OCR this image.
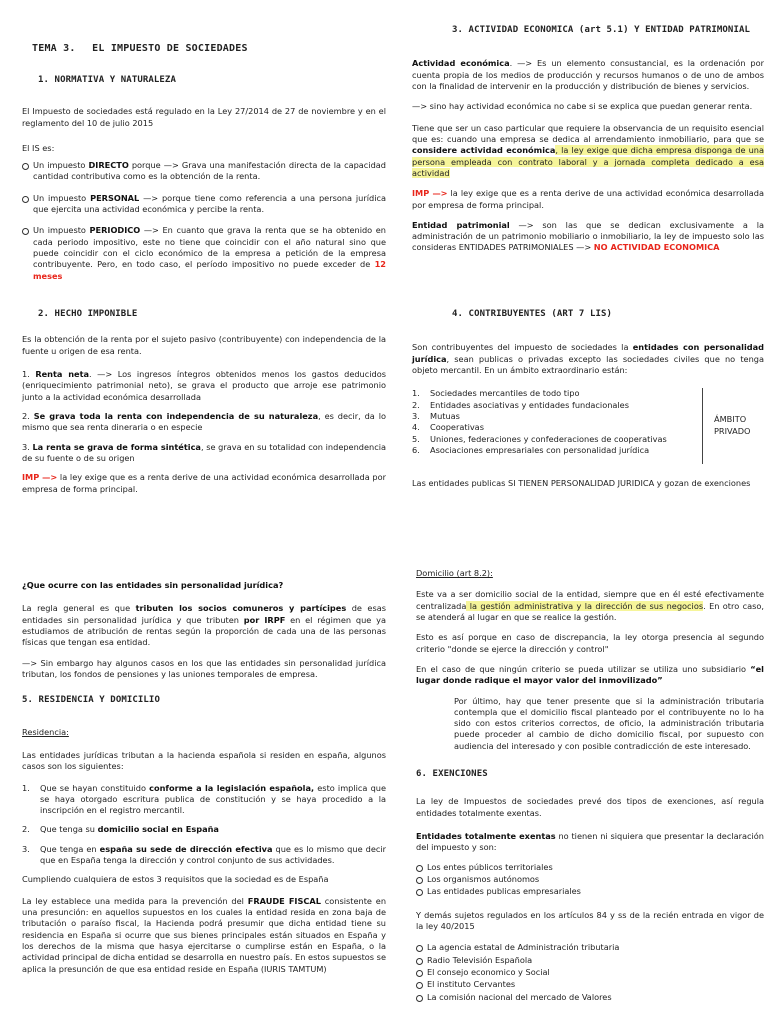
TEMA 3. EL IMPUESTO DE SOCIEDADES
1. NORMATIVA Y NATURALEZA

El Impuesto de sociedades está regulado en la Ley 27/2014 de 27 de noviembre y en el reglamento del 10 de julio 2015

El IS es:

Un impuesto DIRECTO porque —> Grava una manifestación directa de la capacidad cantidad contributiva como es la obtención de la renta.
Un impuesto PERSONAL —> porque tiene como referencia a una persona jurídica que ejercita una actividad económica y percibe la renta.
Un impuesto PERIODICO —> En cuanto que grava la renta que se ha obtenido en cada periodo impositivo, este no tiene que coincidir con el año natural sino que puede coincidir con el ciclo económico de la empresa a petición de la empresa contribuyente. Pero, en todo caso, el período impositivo no puede exceder de 12 meses
3. ACTIVIDAD ECONOMICA (art 5.1) Y ENTIDAD PATRIMONIAL

Actividad económica. —> Es un elemento consustancial, es la ordenación por cuenta propia de los medios de producción y recursos humanos o de uno de ambos con la finalidad de intervenir en la producción y distribución de bienes y servicios.

—> sino hay actividad económica no cabe si se explica que puedan generar renta.

Tiene que ser un caso particular que requiere la observancia de un requisito esencial que es: cuando una empresa se dedica al arrendamiento inmobiliario, para que se considere actividad económica, la ley exige que dicha empresa disponga de una persona empleada con contrato laboral y a jornada completa dedicado a esa actividad

IMP —> la ley exige que es a renta derive de una actividad económica desarrollada por empresa de forma principal.

Entidad patrimonial —> son las que se dedican exclusivamente a la administración de un patrimonio mobiliario o inmobiliario, la ley de impuesto solo las consideras ENTIDADES PATRIMONIALES —> NO ACTIVIDAD ECONOMICA

2. HECHO IMPONIBLE

Es la obtención de la renta por el sujeto pasivo (contribuyente) con independencia de la fuente u origen de esa renta.

1. Renta neta. —> Los ingresos íntegros obtenidos menos los gastos deducidos (enriquecimiento patrimonial neto), se grava el producto que arroje ese patrimonio junto a la actividad económica desarrollada
2. Se grava toda la renta con independencia de su naturaleza, es decir, da lo mismo que sea renta dineraria o en especie
3. La renta se grava de forma sintética, se grava en su totalidad con independencia de su fuente o de su origen

IMP —> la ley exige que es a renta derive de una actividad económica desarrollada por empresa de forma principal.

4. CONTRIBUYENTES (ART 7 LIS)

Son contribuyentes del impuesto de sociedades la entidades con personalidad jurídica, sean publicas o privadas excepto las sociedades civiles que no tenga objeto mercantil. En un ámbito extraordinario están:

1. Sociedades mercantiles de todo tipo
2. Entidades asociativas y entidades fundacionales
3. Mutuas
4. Cooperativas
5. Uniones, federaciones y confederaciones de cooperativas
6. Asociaciones empresariales con personalidad jurídica
ÁMBITO
PRIVADO

Las entidades publicas SI TIENEN PERSONALIDAD JURIDICA y gozan de exenciones

¿Que ocurre con las entidades sin personalidad jurídica?

La regla general es que tributen los socios comuneros y partícipes de esas entidades sin personalidad jurídica y que tributen por IRPF en el régimen que ya estudiamos de atribución de rentas según la proporción de cada una de las personas físicas que tengan esa entidad.

—> Sin embargo hay algunos casos en los que las entidades sin personalidad jurídica tributan, los fondos de pensiones y las uniones temporales de empresa.

5. RESIDENCIA Y DOMICILIO

Residencia:

Las entidades jurídicas tributan a la hacienda española si residen en españa, algunos casos son los siguientes:

1. Que se hayan constituido conforme a la legislación española, esto implica que se haya otorgado escritura publica de constitución y se haya procedido a la inscripción en el registro mercantil.
2. Que tenga su domicilio social en España
3. Que tenga en españa su sede de dirección efectiva que es lo mismo que decir que en España tenga la dirección y control conjunto de sus actividades.

Cumpliendo cualquiera de estos 3 requisitos que la sociedad es de España

La ley establece una medida para la prevención del FRAUDE FISCAL consistente en una presunción: en aquellos supuestos en los cuales la entidad resida en zona baja de tributación o paraíso fiscal, la Hacienda podrá presumir que dicha entidad tiene su residencia en España si ocurre que sus bienes principales están situados en España y los derechos de la misma que hasya ejercitarse o cumplirse están en España, o la actividad principal de dicha entidad se desarrolla en nuestro país. En estos supuestos se aplica la presunción de que esa entidad reside en España (IURIS TAMTUM)

Domicilio (art 8.2):

Este va a ser domicilio social de la entidad, siempre que en él esté efectivamente centralizada la gestión administrativa y la dirección de sus negocios. En otro caso, se atenderá al lugar en que se realice la gestión.

Esto es así porque en caso de discrepancia, la ley otorga presencia al segundo criterio "donde se ejerce la dirección y control"

En el caso de que ningún criterio se pueda utilizar se utiliza uno subsidiario “el lugar donde radique el mayor valor del inmovilizado”

Por último, hay que tener presente que si la administración tributaria contempla que el domicilio fiscal planteado por el contribuyente no lo ha sido con estos criterios correctos, de oficio, la administración tributaria puede proceder al cambio de dicho domicilio fiscal, por supuesto con audiencia del interesado y con posible contradicción de este interesado.

6. EXENCIONES

La ley de Impuestos de sociedades prevé dos tipos de exenciones, así regula entidades totalmente exentas.

Entidades totalmente exentas no tienen ni siquiera que presentar la declaración del impuesto y son:

Los entes públicos territoriales
Los organismos autónomos
Las entidades publicas empresariales

Y demás sujetos regulados en los artículos 84 y ss de la recién entrada en vigor de la ley 40/2015

La agencia estatal de Administración tributaria
Radio Televisión Española
El consejo economico y Social
El instituto Cervantes
La comisión nacional del mercado de Valores
